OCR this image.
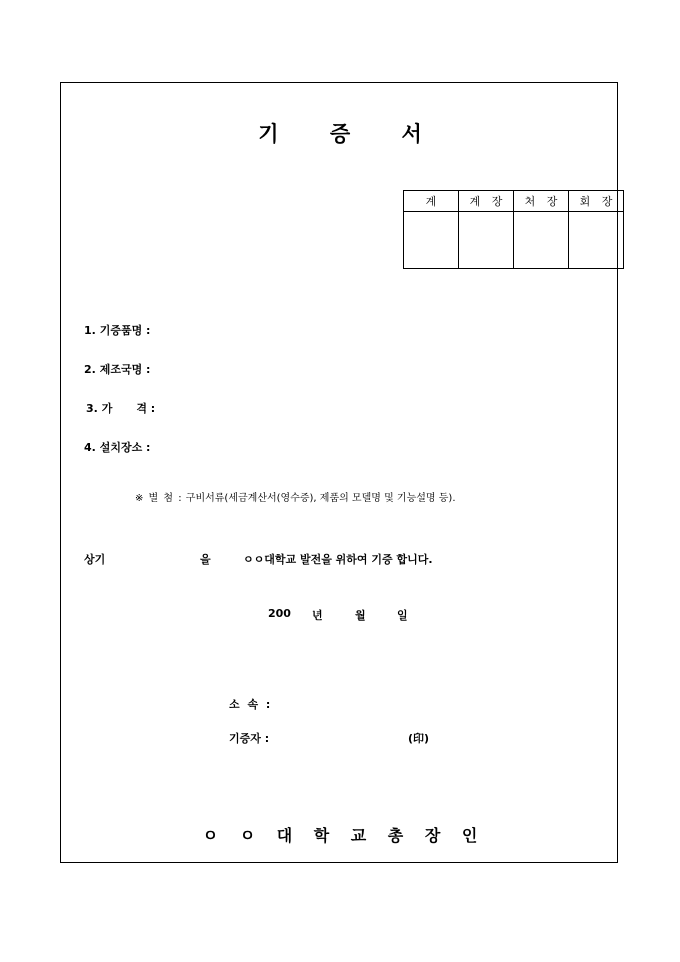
기 증 서
계	계 장	처 장	회 장

1. 기증품명 :
2. 제조국명 :
3. 가 격 :
4. 설치장소 :
※ 별 첨 : 구비서류(세금계산서(영수증), 제품의 모델명 및 기능설명 등).
상기	을	ㅇㅇ대학교 발전을 위하여 기증 합니다.
200 년	월	일
소 속 :
기증자 :	(印)
ㅇ ㅇ 대 학 교 총 장 인
